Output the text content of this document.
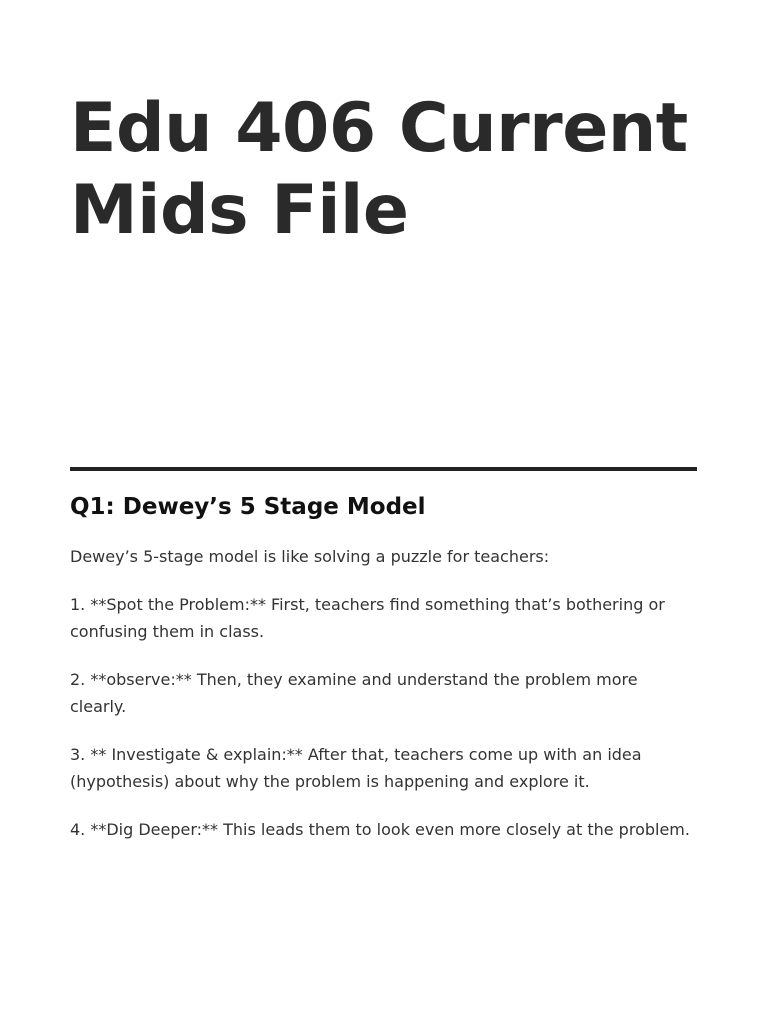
Edu 406 Current Mids File
Q1: Dewey’s 5 Stage Model

Dewey’s 5-stage model is like solving a puzzle for teachers:

1. **Spot the Problem:** First, teachers find something that’s bothering or confusing them in class.

2. **observe:** Then, they examine and understand the problem more clearly.

3. ** Investigate & explain:** After that, teachers come up with an idea (hypothesis) about why the problem is happening and explore it.

4. **Dig Deeper:** This leads them to look even more closely at the problem.
